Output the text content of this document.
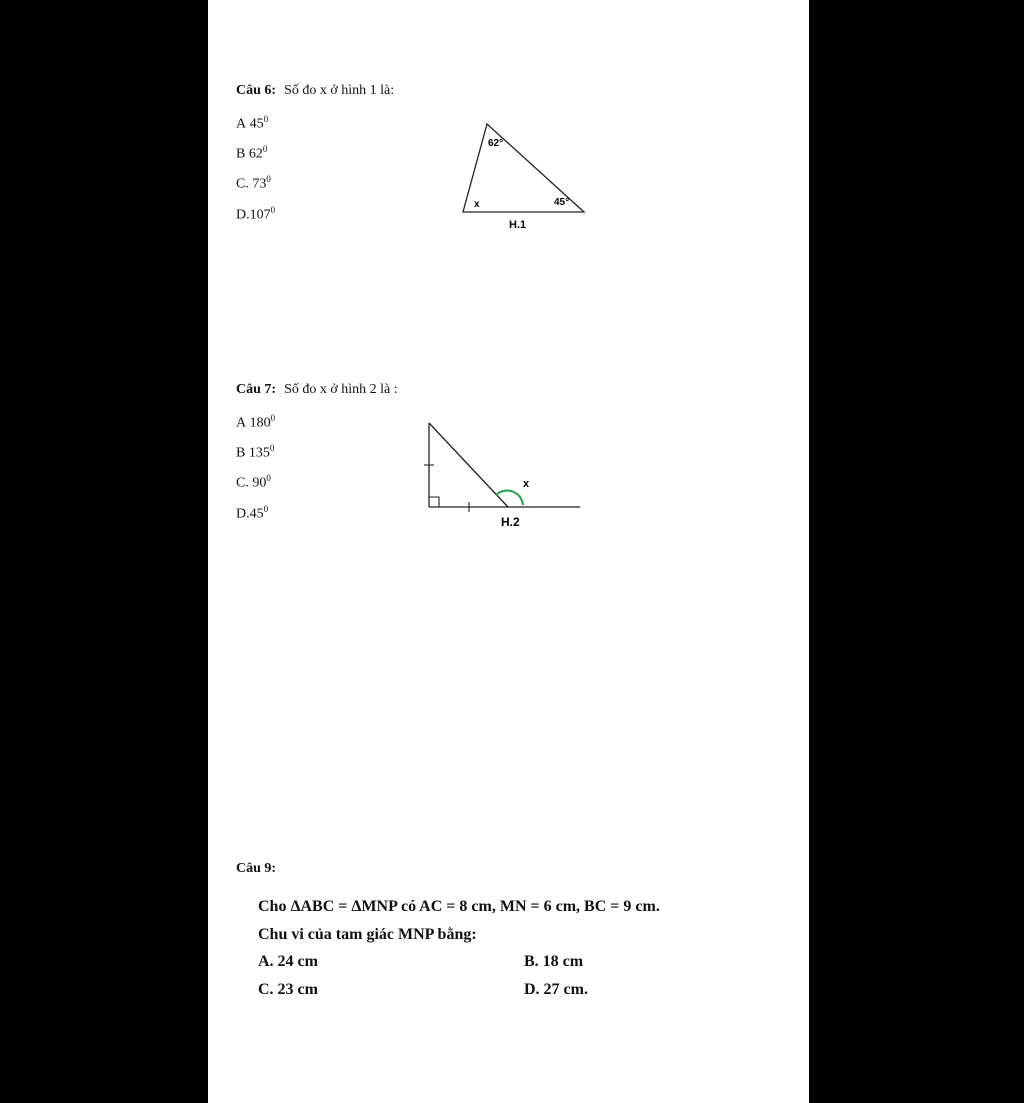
Câu 6: Số đo x ở hình 1 là:
A $45^0$
B $62^0$
C. $73^0$
D.107$^0$
62°
x	45°
H.1
Câu 7: Số đo x ở hình 2 là :
A $180^0$
B $135^0$
C. $90^0$
$D.45^0$
x
H.2
Câu 9:
Cho ΔABC = ΔMNP có AC = 8 cm, MN = 6 cm, BC = 9 cm.
Chu vi của tam giác MNP bằng:
A. 24 cm	B. 18 cm
C. 23 cm	D. 27 cm.
